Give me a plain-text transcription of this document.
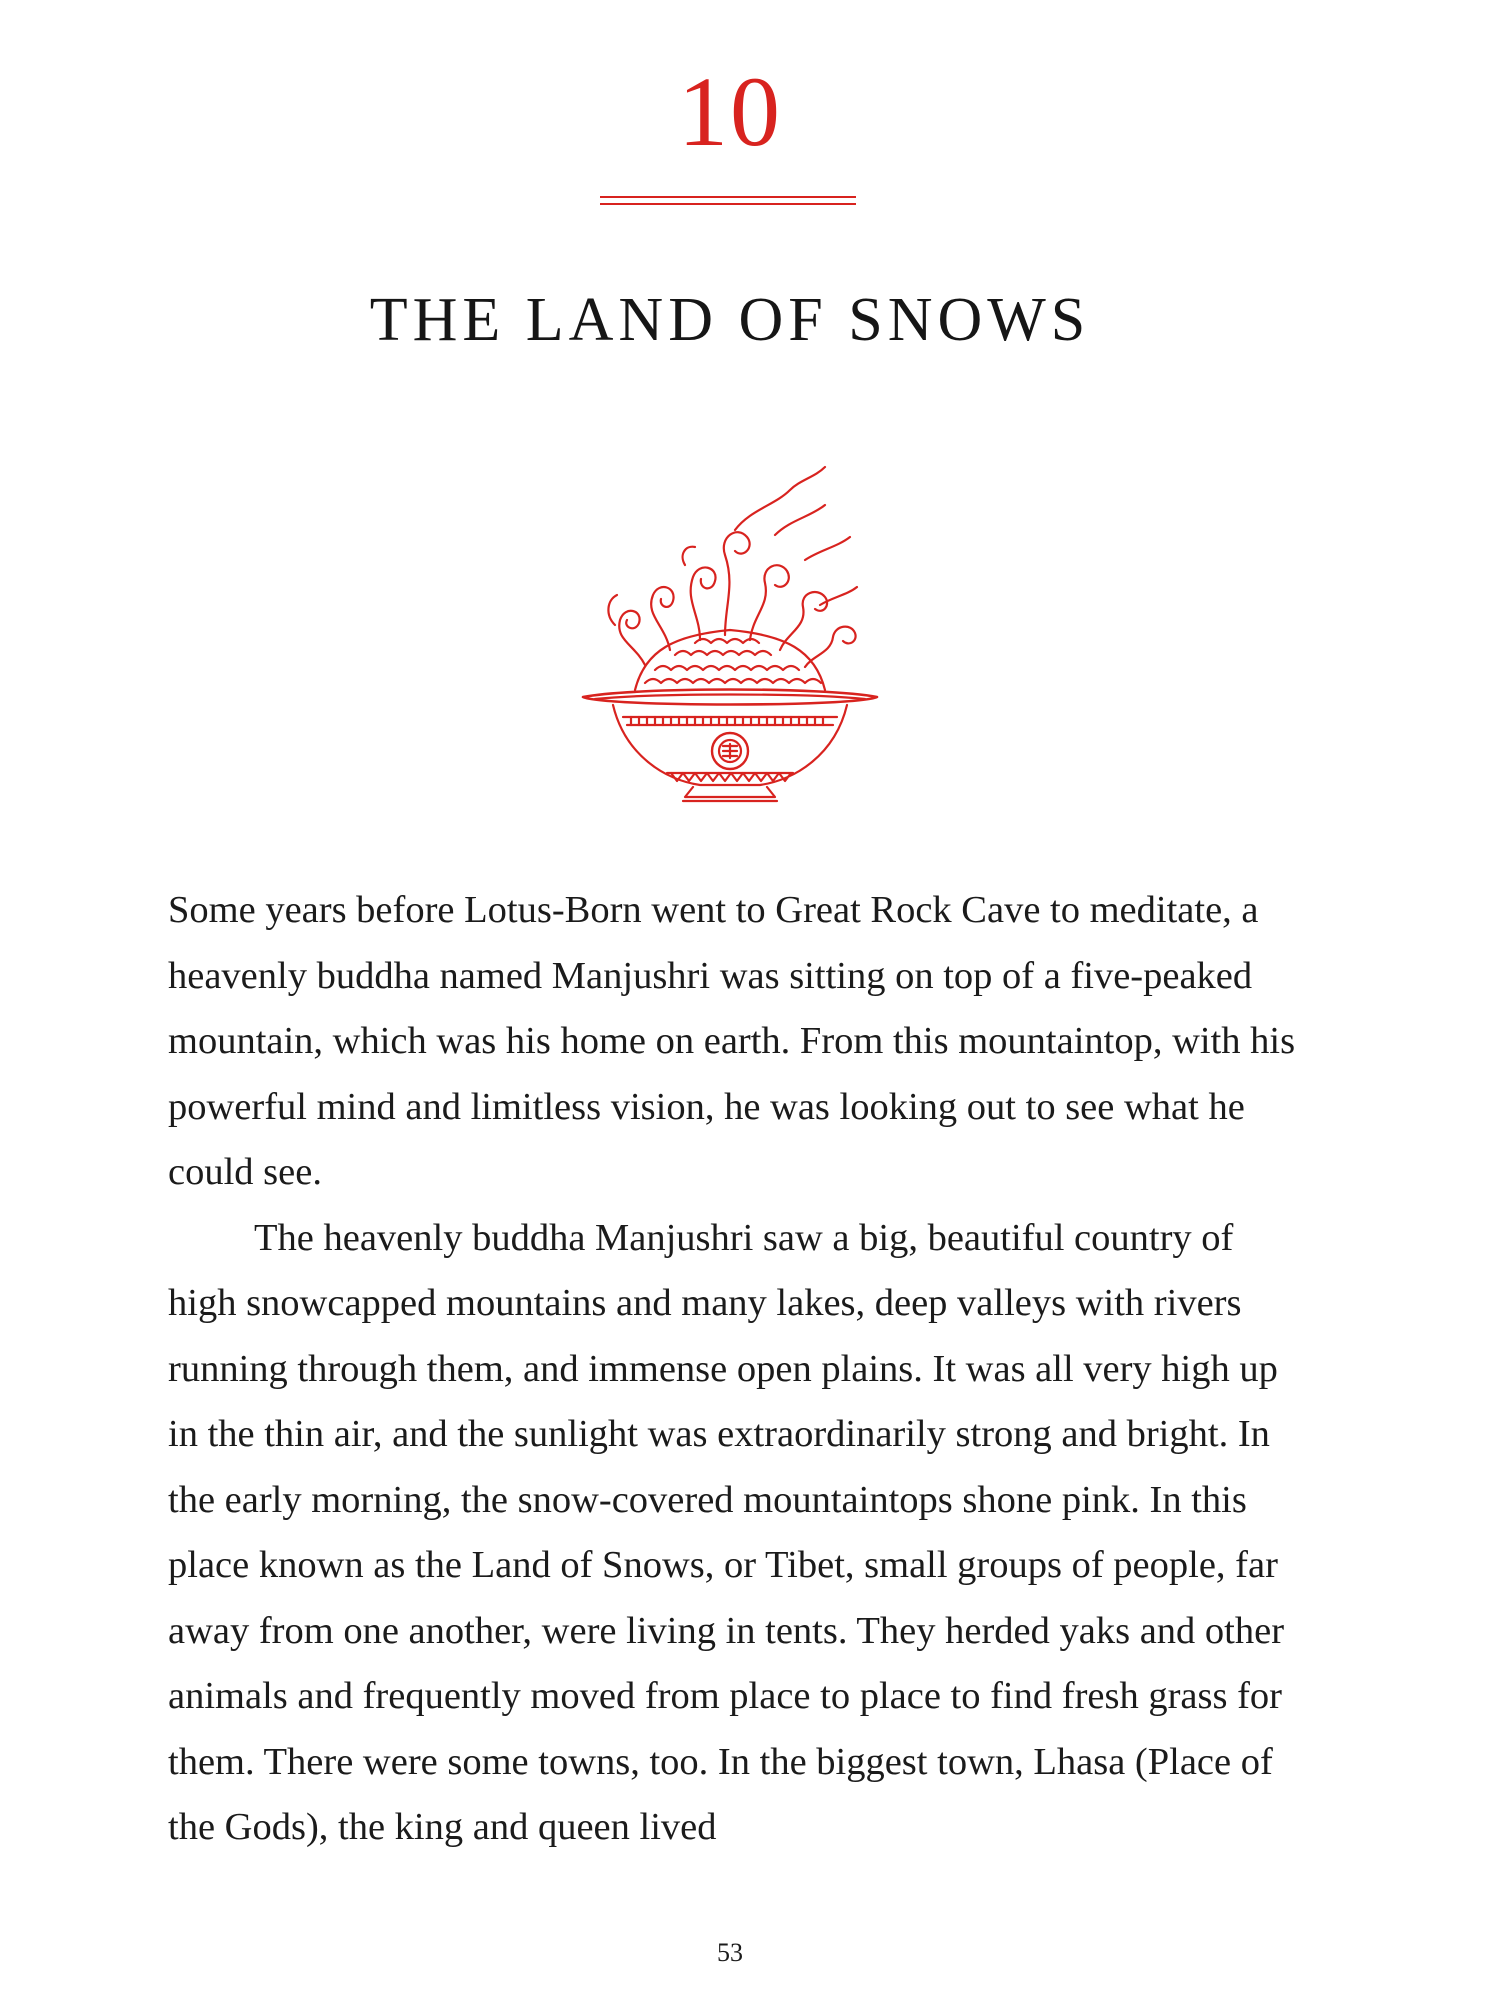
10
THE LAND OF SNOWS

Some years before Lotus-Born went to Great Rock Cave to meditate, a heavenly buddha named Manjushri was sitting on top of a five-peaked mountain, which was his home on earth. From this mountaintop, with his powerful mind and limitless vision, he was looking out to see what he could see.

The heavenly buddha Manjushri saw a big, beautiful country of high snowcapped mountains and many lakes, deep valleys with rivers running through them, and immense open plains. It was all very high up in the thin air, and the sunlight was extraordinarily strong and bright. In the early morning, the snow-covered mountaintops shone pink. In this place known as the Land of Snows, or Tibet, small groups of people, far away from one another, were living in tents. They herded yaks and other animals and frequently moved from place to place to find fresh grass for them. There were some towns, too. In the biggest town, Lhasa (Place of the Gods), the king and queen lived

53
